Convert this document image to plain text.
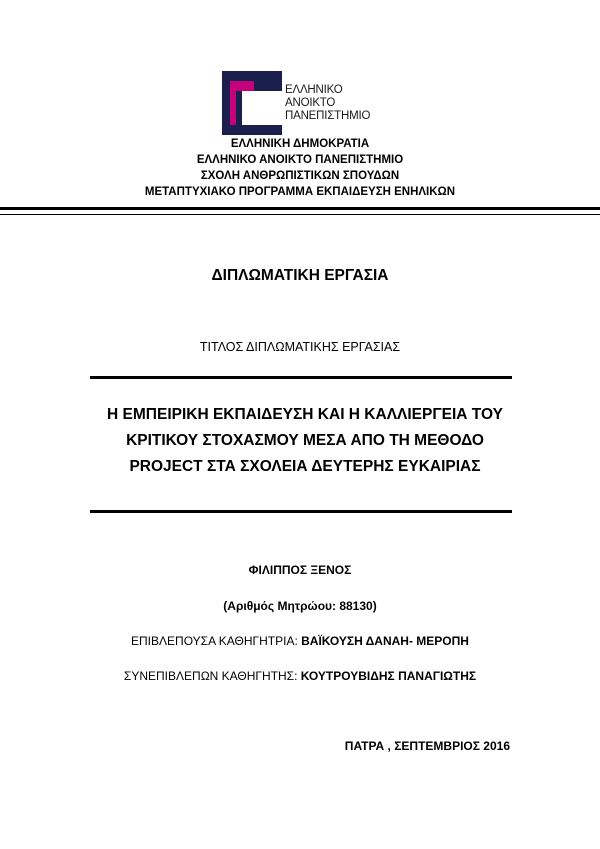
ΕΛΛΗΝΙΚΟ
ΑΝΟΙΚΤΟ
ΠΑΝΕΠΙΣΤΗΜΙΟ
ΕΛΛΗΝΙΚΗ ΔΗΜΟΚΡΑΤΙΑ
ΕΛΛΗΝΙΚΟ ΑΝΟΙΚΤΟ ΠΑΝΕΠΙΣΤΗΜΙΟ
ΣΧΟΛΗ ΑΝΘΡΩΠΙΣΤΙΚΩΝ ΣΠΟΥΔΩΝ
ΜΕΤΑΠΤΥΧΙΑΚΟ ΠΡΟΓΡΑΜΜΑ ΕΚΠΑΙΔΕΥΣΗ ΕΝΗΛΙΚΩΝ
ΔΙΠΛΩΜΑΤΙΚΗ ΕΡΓΑΣΙΑ
ΤΙΤΛΟΣ ΔΙΠΛΩΜΑΤΙΚΗΣ ΕΡΓΑΣΙΑΣ
Η ΕΜΠΕΙΡΙΚΗ ΕΚΠΑΙΔΕΥΣΗ ΚΑΙ Η ΚΑΛΛΙΕΡΓΕΙΑ ΤΟΥ
ΚΡΙΤΙΚΟΥ ΣΤΟΧΑΣΜΟΥ ΜΕΣΑ ΑΠΟ ΤΗ ΜΕΘΟΔΟ
PROJECT ΣΤΑ ΣΧΟΛΕΙΑ ΔΕΥΤΕΡΗΣ ΕΥΚΑΙΡΙΑΣ
ΦΙΛΙΠΠΟΣ ΞΕΝΟΣ
(Αριθμός Μητρώου: 88130)
ΕΠΙΒΛΕΠΟΥΣΑ ΚΑΘΗΓΗΤΡΙΑ: ΒΑΪΚΟΥΣΗ ΔΑΝΑΗ- ΜΕΡΟΠΗ
ΣΥΝΕΠΙΒΛΕΠΩΝ ΚΑΘΗΓΗΤΗΣ: ΚΟΥΤΡΟΥΒΙΔΗΣ ΠΑΝΑΓΙΩΤΗΣ
ΠΑΤΡΑ , ΣΕΠΤΕΜΒΡΙΟΣ 2016
